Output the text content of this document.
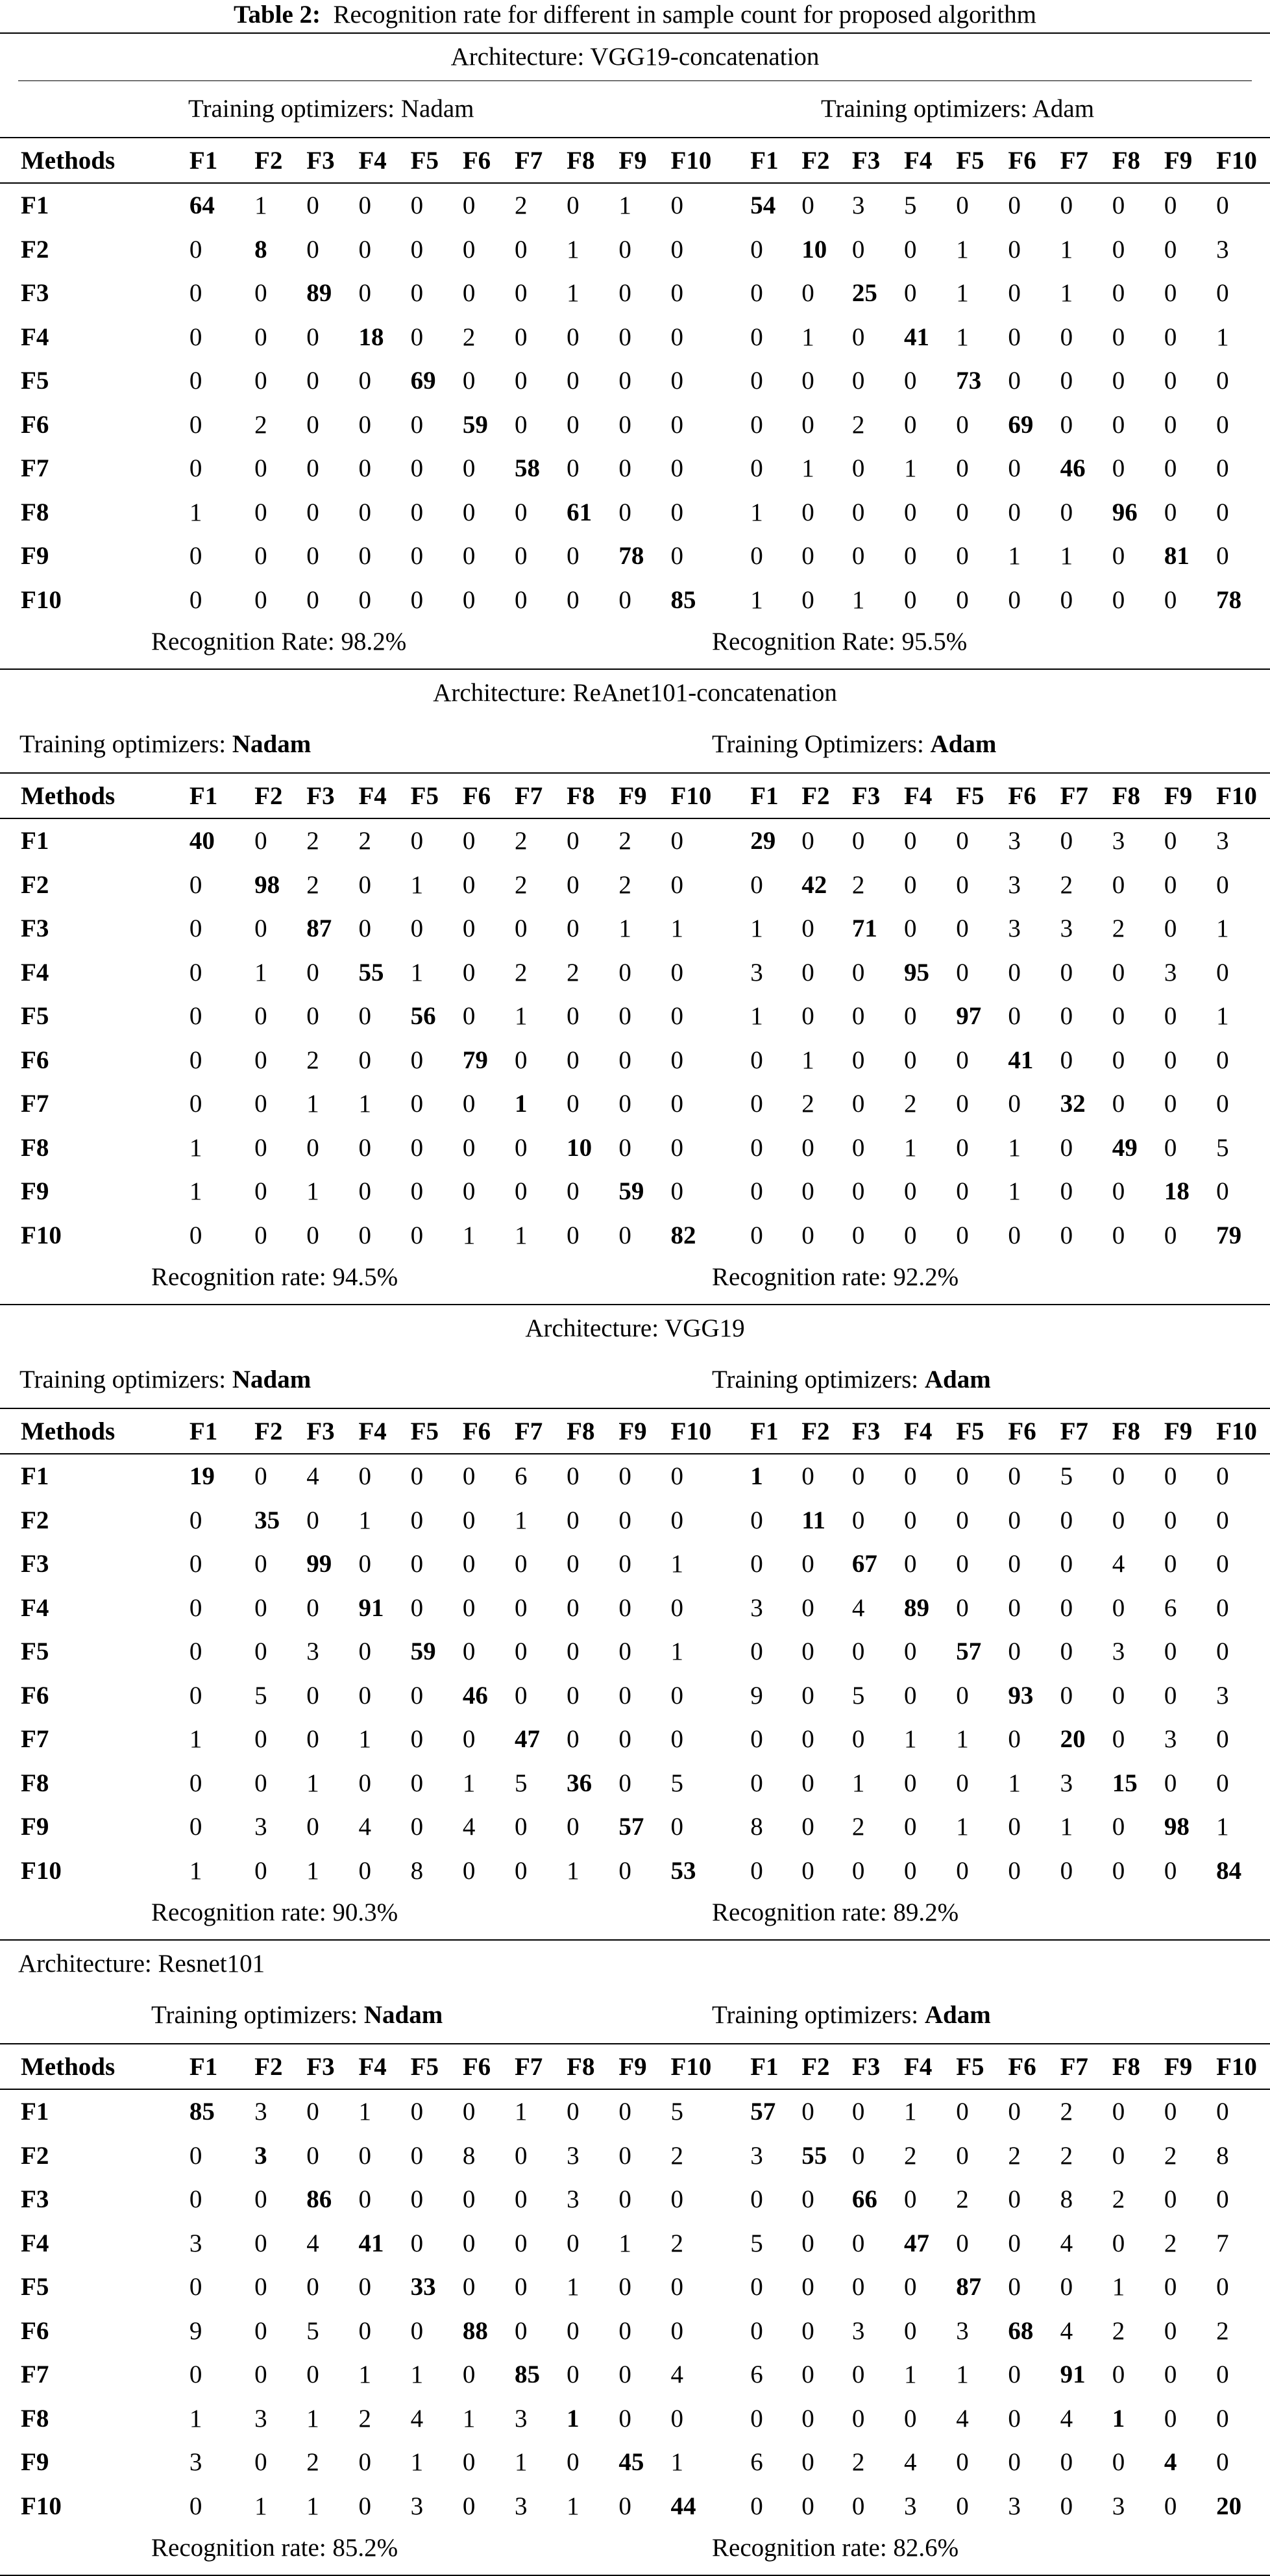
Table 2: Recognition rate for different in sample count for proposed algorithm
Architecture: VGG19-concatenation
Training optimizers: Nadam	Training optimizers: Adam
Methods	F1	F2	F3	F4	F5	F6	F7	F8	F9	F10	F1	F2	F3	F4	F5	F6	F7	F8	F9	F10
F1	64	1	0	0	0	0	2	0	1	0	54	0	3	5	0	0	0	0	0	0
F2	0	8	0	0	0	0	0	1	0	0	0	10	0	0	1	0	1	0	0	3
F3	0	0	89	0	0	0	0	1	0	0	0	0	25	0	1	0	1	0	0	0
F4	0	0	0	18	0	2	0	0	0	0	0	1	0	41	1	0	0	0	0	1
F5	0	0	0	0	69	0	0	0	0	0	0	0	0	0	73	0	0	0	0	0
F6	0	2	0	0	0	59	0	0	0	0	0	0	2	0	0	69	0	0	0	0
F7	0	0	0	0	0	0	58	0	0	0	0	1	0	1	0	0	46	0	0	0
F8	1	0	0	0	0	0	0	61	0	0	1	0	0	0	0	0	0	96	0	0
F9	0	0	0	0	0	0	0	0	78	0	0	0	0	0	0	1	1	0	81	0
F10	0	0	0	0	0	0	0	0	0	85	1	0	1	0	0	0	0	0	0	78
Recognition Rate: 98.2%	Recognition Rate: 95.5%
Architecture: ReAnet101-concatenation
Training optimizers: Nadam	Training Optimizers: Adam
Methods	F1	F2	F3	F4	F5	F6	F7	F8	F9	F10	F1	F2	F3	F4	F5	F6	F7	F8	F9	F10
F1	40	0	2	2	0	0	2	0	2	0	29	0	0	0	0	3	0	3	0	3
F2	0	98	2	0	1	0	2	0	2	0	0	42	2	0	0	3	2	0	0	0
F3	0	0	87	0	0	0	0	0	1	1	1	0	71	0	0	3	3	2	0	1
F4	0	1	0	55	1	0	2	2	0	0	3	0	0	95	0	0	0	0	3	0
F5	0	0	0	0	56	0	1	0	0	0	1	0	0	0	97	0	0	0	0	1
F6	0	0	2	0	0	79	0	0	0	0	0	1	0	0	0	41	0	0	0	0
F7	0	0	1	1	0	0	1	0	0	0	0	2	0	2	0	0	32	0	0	0
F8	1	0	0	0	0	0	0	10	0	0	0	0	0	1	0	1	0	49	0	5
F9	1	0	1	0	0	0	0	0	59	0	0	0	0	0	0	1	0	0	18	0
F10	0	0	0	0	0	1	1	0	0	82	0	0	0	0	0	0	0	0	0	79
Recognition rate: 94.5%	Recognition rate: 92.2%
Architecture: VGG19
Training optimizers: Nadam	Training optimizers: Adam
Methods	F1	F2	F3	F4	F5	F6	F7	F8	F9	F10	F1	F2	F3	F4	F5	F6	F7	F8	F9	F10
F1	19	0	4	0	0	0	6	0	0	0	1	0	0	0	0	0	5	0	0	0
F2	0	35	0	1	0	0	1	0	0	0	0	11	0	0	0	0	0	0	0	0
F3	0	0	99	0	0	0	0	0	0	1	0	0	67	0	0	0	0	4	0	0
F4	0	0	0	91	0	0	0	0	0	0	3	0	4	89	0	0	0	0	6	0
F5	0	0	3	0	59	0	0	0	0	1	0	0	0	0	57	0	0	3	0	0
F6	0	5	0	0	0	46	0	0	0	0	9	0	5	0	0	93	0	0	0	3
F7	1	0	0	1	0	0	47	0	0	0	0	0	0	1	1	0	20	0	3	0
F8	0	0	1	0	0	1	5	36	0	5	0	0	1	0	0	1	3	15	0	0
F9	0	3	0	4	0	4	0	0	57	0	8	0	2	0	1	0	1	0	98	1
F10	1	0	1	0	8	0	0	1	0	53	0	0	0	0	0	0	0	0	0	84
Recognition rate: 90.3%	Recognition rate: 89.2%
Architecture: Resnet101
Training optimizers: Nadam	Training optimizers: Adam
Methods	F1	F2	F3	F4	F5	F6	F7	F8	F9	F10	F1	F2	F3	F4	F5	F6	F7	F8	F9	F10
F1	85	3	0	1	0	0	1	0	0	5	57	0	0	1	0	0	2	0	0	0
F2	0	3	0	0	0	8	0	3	0	2	3	55	0	2	0	2	2	0	2	8
F3	0	0	86	0	0	0	0	3	0	0	0	0	66	0	2	0	8	2	0	0
F4	3	0	4	41	0	0	0	0	1	2	5	0	0	47	0	0	4	0	2	7
F5	0	0	0	0	33	0	0	1	0	0	0	0	0	0	87	0	0	1	0	0
F6	9	0	5	0	0	88	0	0	0	0	0	0	3	0	3	68	4	2	0	2
F7	0	0	0	1	1	0	85	0	0	4	6	0	0	1	1	0	91	0	0	0
F8	1	3	1	2	4	1	3	1	0	0	0	0	0	0	4	0	4	1	0	0
F9	3	0	2	0	1	0	1	0	45	1	6	0	2	4	0	0	0	0	4	0
F10	0	1	1	0	3	0	3	1	0	44	0	0	0	3	0	3	0	3	0	20
Recognition rate: 85.2%	Recognition rate: 82.6%
